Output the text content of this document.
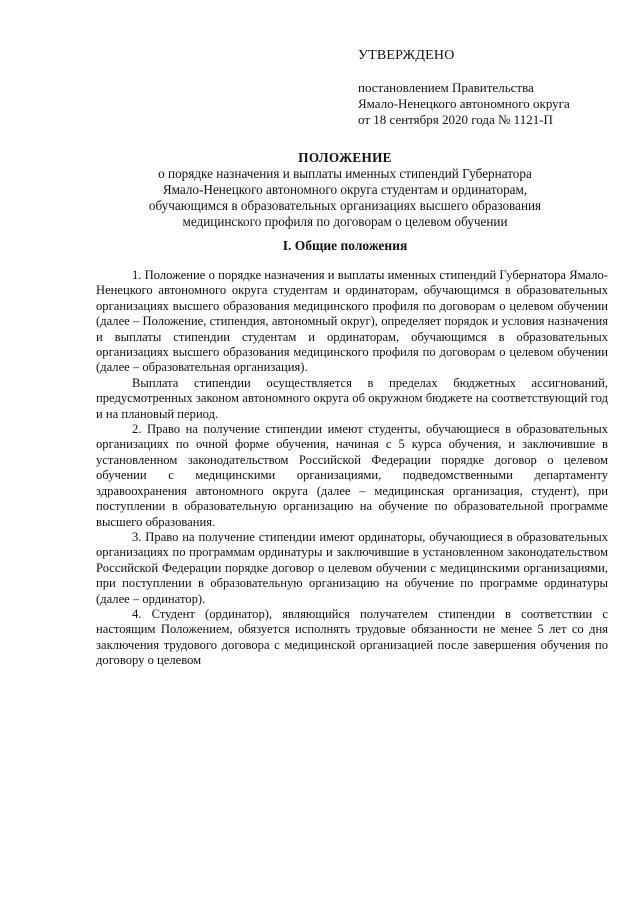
УТВЕРЖДЕНО
постановлением Правительства
Ямало-Ненецкого автономного округа
от 18 сентября 2020 года № 1121-П
ПОЛОЖЕНИЕ
о порядке назначения и выплаты именных стипендий Губернатора
Ямало-Ненецкого автономного округа студентам и ординаторам,
обучающимся в образовательных организациях высшего образования
медицинского профиля по договорам о целевом обучении
I. Общие положения

1. Положение о порядке назначения и выплаты именных стипендий Губернатора Ямало-Ненецкого автономного округа студентам и ординаторам, обучающимся в образовательных организациях высшего образования медицинского профиля по договорам о целевом обучении (далее – Положение, стипендия, автономный округ), определяет порядок и условия назначения и выплаты стипендии студентам и ординаторам, обучающимся в образовательных организациях высшего образования медицинского профиля по договорам о целевом обучении (далее – образовательная организация).

Выплата стипендии осуществляется в пределах бюджетных ассигнований, предусмотренных законом автономного округа об окружном бюджете на соответствующий год и на плановый период.

2. Право на получение стипендии имеют студенты, обучающиеся в образовательных организациях по очной форме обучения, начиная с 5 курса обучения, и заключившие в установленном законодательством Российской Федерации порядке договор о целевом обучении с медицинскими организациями, подведомственными департаменту здравоохранения автономного округа (далее – медицинская организация, студент), при поступлении в образовательную организацию на обучение по образовательной программе высшего образования.

3. Право на получение стипендии имеют ординаторы, обучающиеся в образовательных организациях по программам ординатуры и заключившие в установленном законодательством Российской Федерации порядке договор о целевом обучении с медицинскими организациями, при поступлении в образовательную организацию на обучение по программе ординатуры (далее – ординатор).

4. Студент (ординатор), являющийся получателем стипендии в соответствии с настоящим Положением, обязуется исполнять трудовые обязанности не менее 5 лет со дня заключения трудового договора с медицинской организацией после завершения обучения по договору о целевом
